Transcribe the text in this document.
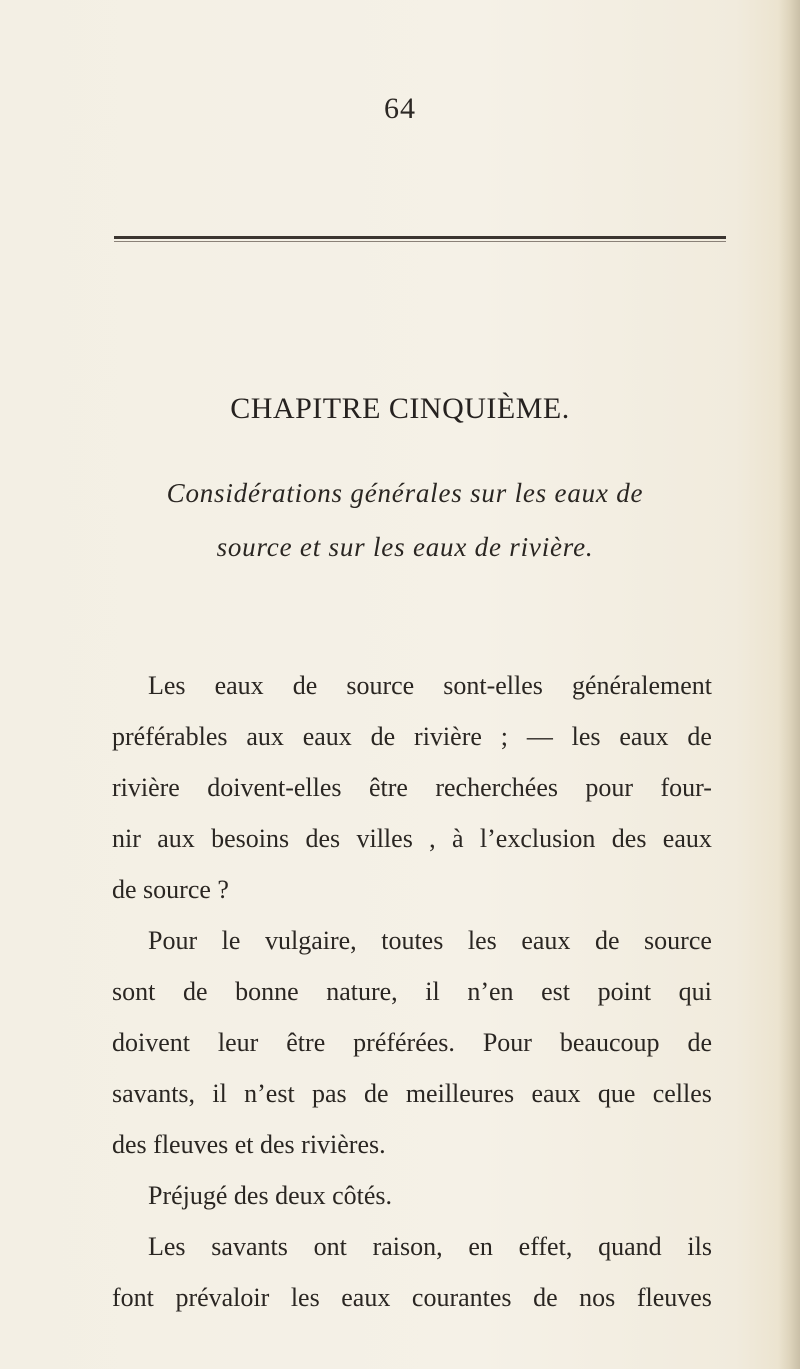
64
CHAPITRE CINQUIÈME.
Considérations générales sur les eaux de
source et sur les eaux de rivière.
Les eaux de source sont-elles généralement
préférables aux eaux de rivière ; — les eaux de
rivière doivent-elles être recherchées pour four-
nir aux besoins des villes , à l’exclusion des eaux
de source ?
Pour le vulgaire, toutes les eaux de source
sont de bonne nature, il n’en est point qui
doivent leur être préférées. Pour beaucoup de
savants, il n’est pas de meilleures eaux que celles
des fleuves et des rivières.
Préjugé des deux côtés.
Les savants ont raison, en effet, quand ils
font prévaloir les eaux courantes de nos fleuves
